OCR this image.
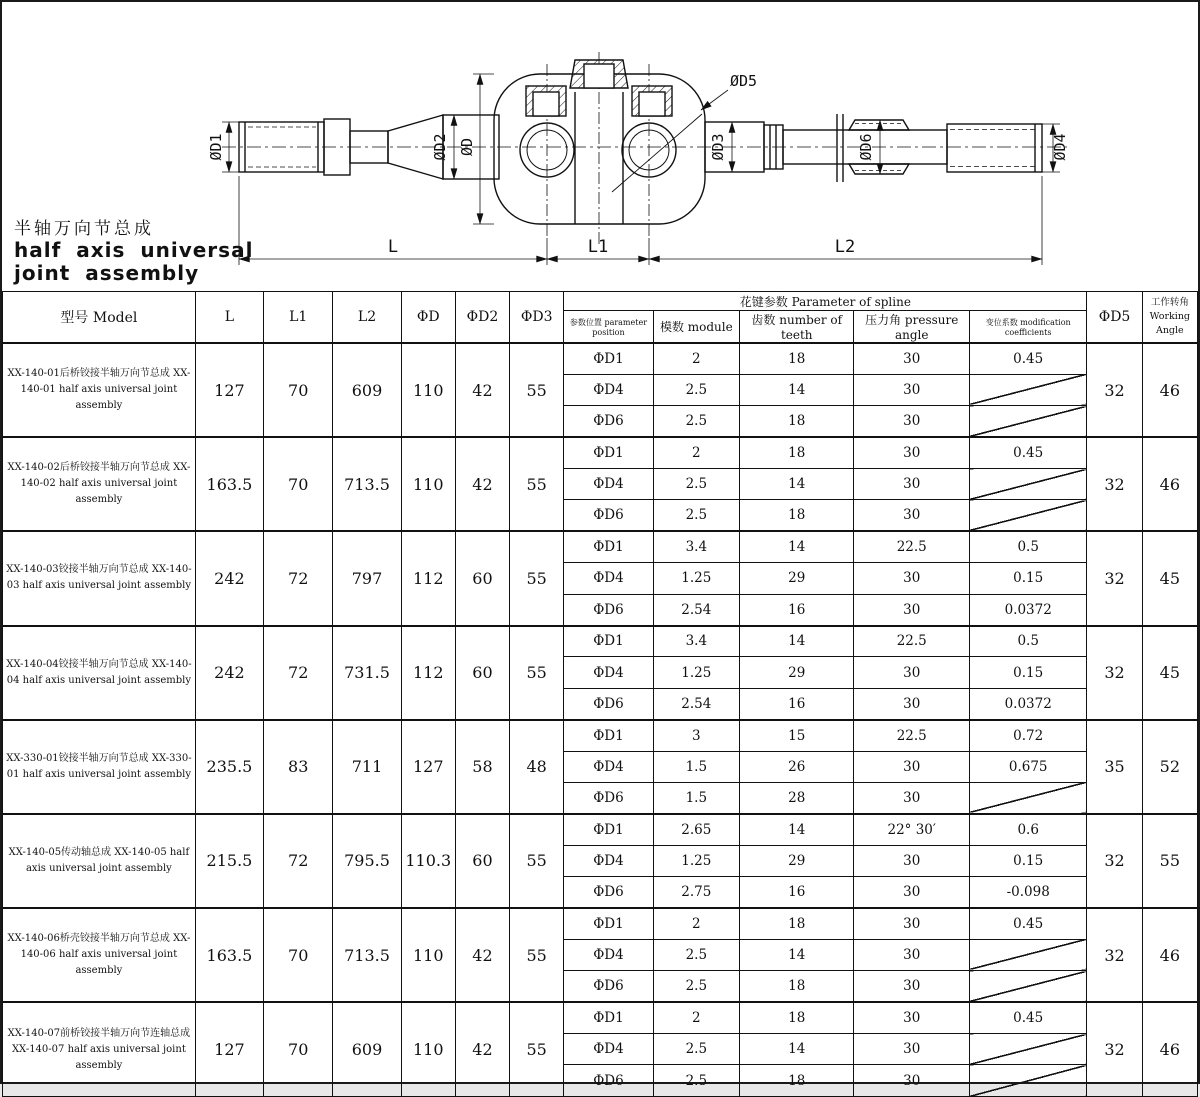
ØD1	ØD2 ØD
ØD5
ØD3	ØD6	ØD4
L	L1	L2
半轴万向节总成
half axis universal
joint assembly
型号 Model	L	L1	L2	ΦD	ΦD2	ΦD3	花键参数 Parameter of spline					ΦD5	工作转角 Working Angle
							参数位置 parameter position	模数 module	齿数 number of teeth	压力角 pressure angle	变位系数 modification coefficients		
XX-140-01后桥铰接半轴万向节总成 XX-140-01 half axis universal joint assembly	127	70	609	110	42	55	ΦD1	2	18	30	0.45	32	46
							ΦD4	2.5	14	30			
							ΦD6	2.5	18	30			
XX-140-02后桥铰接半轴万向节总成 XX-140-02 half axis universal joint assembly	163.5	70	713.5	110	42	55	ΦD1	2	18	30	0.45	32	46
							ΦD4	2.5	14	30			
							ΦD6	2.5	18	30			
XX-140-03铰接半轴万向节总成 XX-140-03 half axis universal joint assembly	242	72	797	112	60	55	ΦD1	3.4	14	22.5	0.5	32	45
							ΦD4	1.25	29	30	0.15		
							ΦD6	2.54	16	30	0.0372		
XX-140-04铰接半轴万向节总成 XX-140-04 half axis universal joint assembly	242	72	731.5	112	60	55	ΦD1	3.4	14	22.5	0.5	32	45
							ΦD4	1.25	29	30	0.15		
							ΦD6	2.54	16	30	0.0372		
XX-330-01铰接半轴万向节总成 XX-330-01 half axis universal joint assembly	235.5	83	711	127	58	48	ΦD1	3	15	22.5	0.72	35	52
							ΦD4	1.5	26	30	0.675		
							ΦD6	1.5	28	30			
XX-140-05传动轴总成 XX-140-05 half axis universal joint assembly	215.5	72	795.5	110.3	60	55	ΦD1	2.65	14	22° 30′	0.6	32	55
							ΦD4	1.25	29	30	0.15		
							ΦD6	2.75	16	30	-0.098		
XX-140-06桥壳铰接半轴万向节总成 XX-140-06 half axis universal joint assembly	163.5	70	713.5	110	42	55	ΦD1	2	18	30	0.45	32	46
							ΦD4	2.5	14	30			
							ΦD6	2.5	18	30			
XX-140-07前桥铰接半轴万向节连轴总成 XX-140-07 half axis universal joint assembly	127	70	609	110	42	55	ΦD1	2	18	30	0.45	32	46
							ΦD4	2.5	14	30			
							ΦD6	2.5	18	30			
